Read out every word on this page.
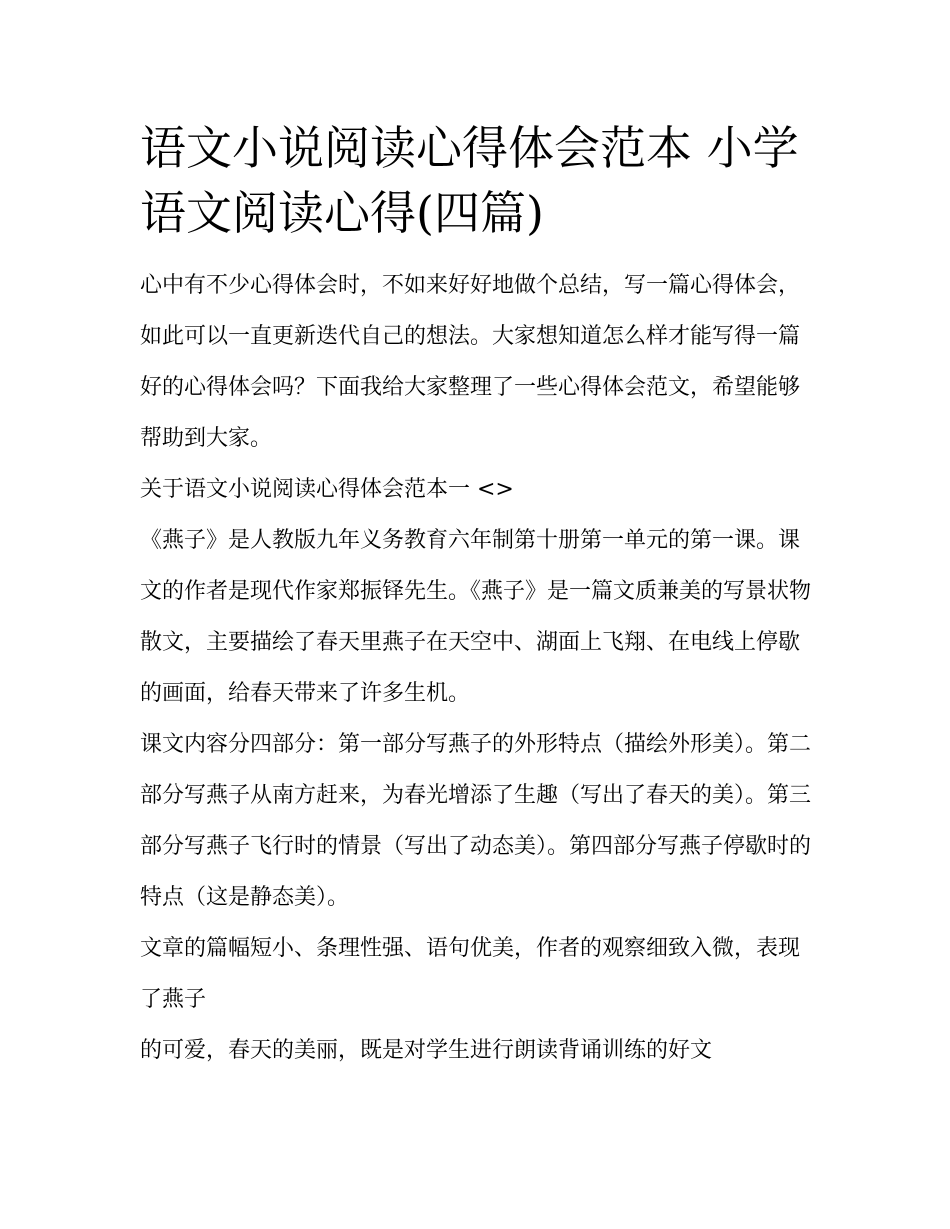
语文小说阅读心得体会范本 小学语文阅读心得(四篇)

心中有不少心得体会时，不如来好好地做个总结，写一篇心得体会，如此可以一直更新迭代自己的想法。大家想知道怎么样才能写得一篇好的心得体会吗？下面我给大家整理了一些心得体会范文，希望能够帮助到大家。

关于语文小说阅读心得体会范本一 <>

《燕子》是人教版九年义务教育六年制第十册第一单元的第一课。课文的作者是现代作家郑振铎先生。《燕子》是一篇文质兼美的写景状物散文，主要描绘了春天里燕子在天空中、湖面上飞翔、在电线上停歇的画面，给春天带来了许多生机。

课文内容分四部分：第一部分写燕子的外形特点（描绘外形美）。第二部分写燕子从南方赶来，为春光增添了生趣（写出了春天的美）。第三部分写燕子飞行时的情景（写出了动态美）。第四部分写燕子停歇时的特点（这是静态美）。

文章的篇幅短小、条理性强、语句优美，作者的观察细致入微，表现了燕子

的可爱，春天的美丽，既是对学生进行朗读背诵训练的好文
